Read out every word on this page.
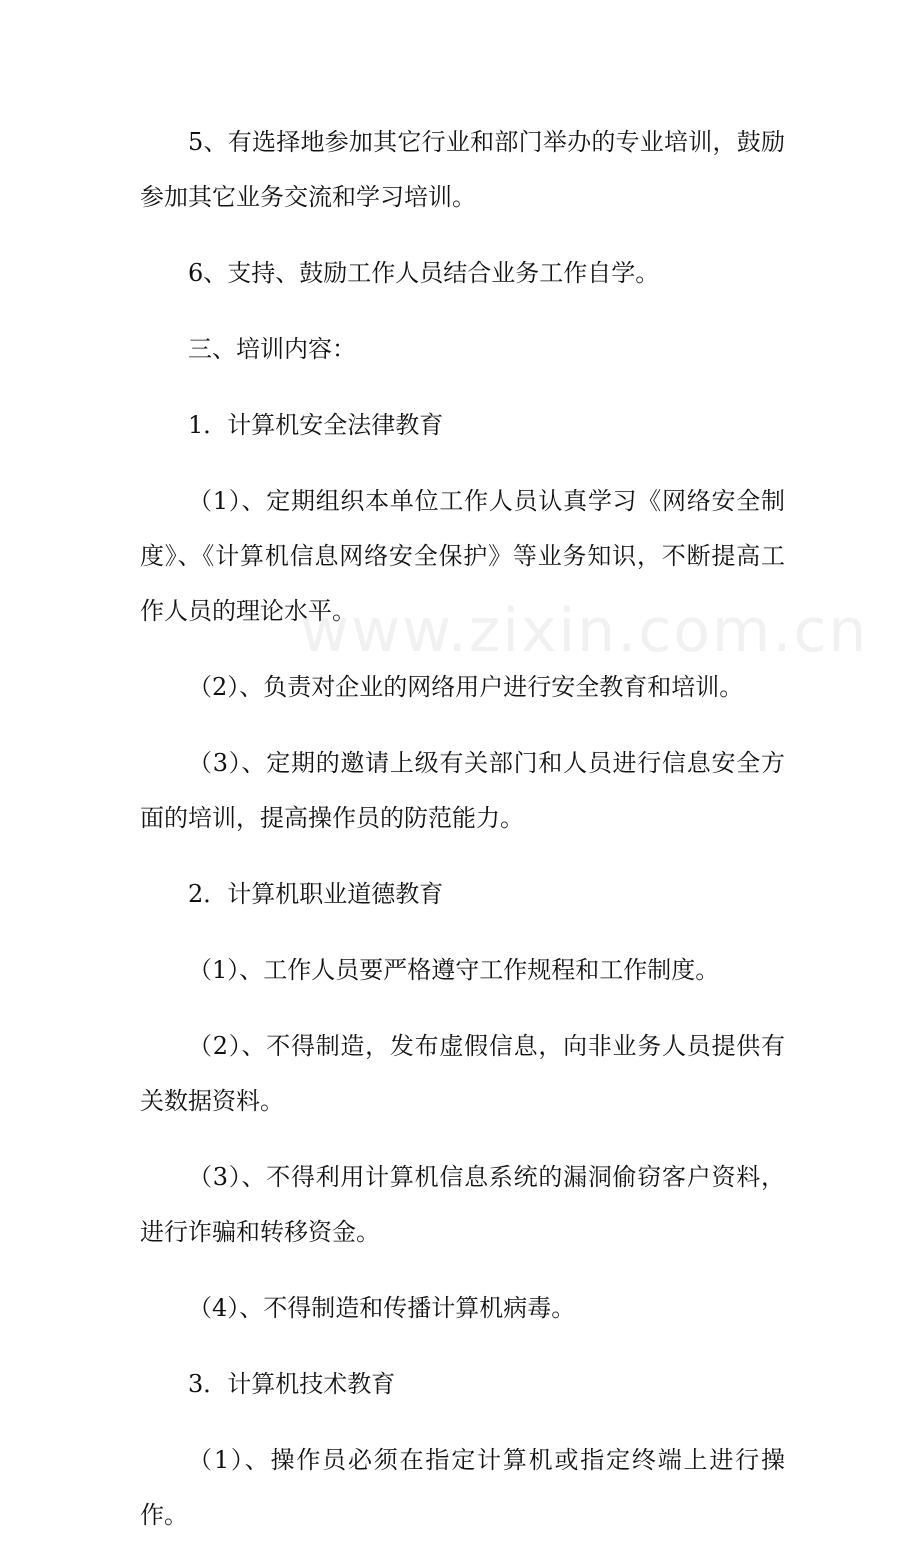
5、有选择地参加其它行业和部门举办的专业培训，鼓励参加其它业务交流和学习培训。

6、支持、鼓励工作人员结合业务工作自学。

三、培训内容：

1．计算机安全法律教育

（1）、定期组织本单位工作人员认真学习《网络安全制度》、《计算机信息网络安全保护》等业务知识，不断提高工作人员的理论水平。

（2）、负责对企业的网络用户进行安全教育和培训。

（3）、定期的邀请上级有关部门和人员进行信息安全方面的培训，提高操作员的防范能力。

2．计算机职业道德教育

（1）、工作人员要严格遵守工作规程和工作制度。

（2）、不得制造，发布虚假信息，向非业务人员提供有关数据资料。

（3）、不得利用计算机信息系统的漏洞偷窃客户资料，进行诈骗和转移资金。

（4）、不得制造和传播计算机病毒。

3．计算机技术教育

（1）、操作员必须在指定计算机或指定终端上进行操作。

www.zixin.com.cn
